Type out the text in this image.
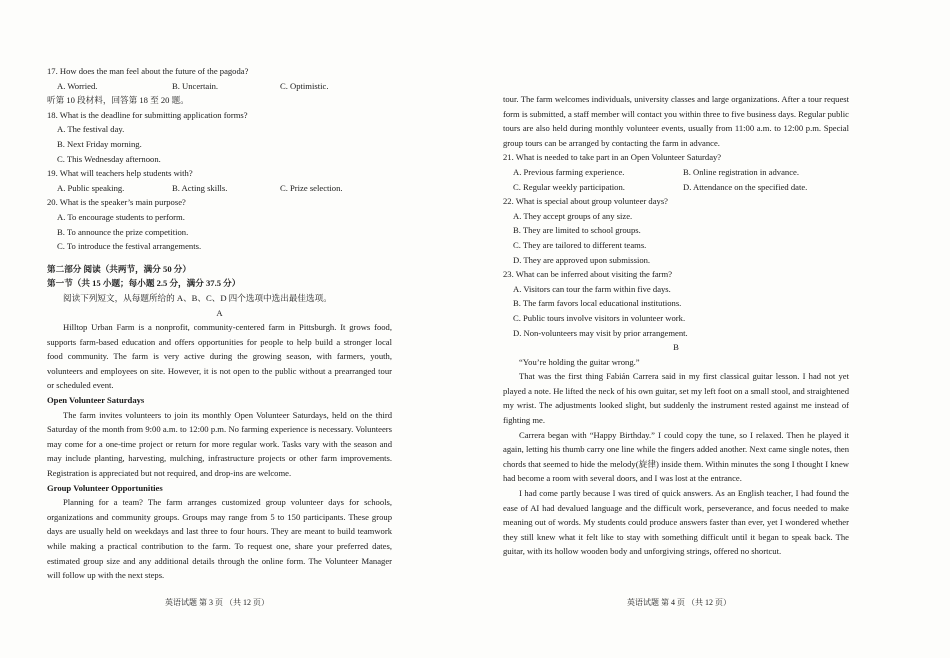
17. How does the man feel about the future of the pagoda?

A. Worried.	B. Uncertain.	C. Optimistic.
听第 10 段材料，回答第 18 至 20 题。

18. What is the deadline for submitting application forms?

A. The festival day.
B. Next Friday morning.
C. This Wednesday afternoon.

19. What will teachers help students with?

A. Public speaking.	B. Acting skills.	C. Prize selection.

20. What is the speaker’s main purpose?

A. To encourage students to perform.
B. To announce the prize competition.
C. To introduce the festival arrangements.
第二部分 阅读（共两节，满分 50 分）
第一节（共 15 小题；每小题 2.5 分，满分 37.5 分）
阅读下列短文，从每题所给的 A、B、C、D 四个选项中选出最佳选项。
A

Hilltop Urban Farm is a nonprofit, community-centered farm in Pittsburgh. It grows food, supports farm-based education and offers opportunities for people to help build a stronger local food community. The farm is very active during the growing season, with farmers, youth, volunteers and employees on site. However, it is not open to the public without a prearranged tour or scheduled event.

Open Volunteer Saturdays

The farm invites volunteers to join its monthly Open Volunteer Saturdays, held on the third Saturday of the month from 9:00 a.m. to 12:00 p.m. No farming experience is necessary. Volunteers may come for a one-time project or return for more regular work. Tasks vary with the season and may include planting, harvesting, mulching, infrastructure projects or other farm improvements. Registration is appreciated but not required, and drop-ins are welcome.

Group Volunteer Opportunities

Planning for a team? The farm arranges customized group volunteer days for schools, organizations and community groups. Groups may range from 5 to 150 participants. These group days are usually held on weekdays and last three to four hours. They are meant to build teamwork while making a practical contribution to the farm. To request one, share your preferred dates, estimated group size and any additional details through the online form. The Volunteer Manager will follow up with the next steps.

tour. The farm welcomes individuals, university classes and large organizations. After a tour request form is submitted, a staff member will contact you within three to five business days. Regular public tours are also held during monthly volunteer events, usually from 11:00 a.m. to 12:00 p.m. Special group tours can be arranged by contacting the farm in advance.

21. What is needed to take part in an Open Volunteer Saturday?

A. Previous farming experience.	B. Online registration in advance.
C. Regular weekly participation.	D. Attendance on the specified date.

22. What is special about group volunteer days?

A. They accept groups of any size.
B. They are limited to school groups.
C. They are tailored to different teams.
D. They are approved upon submission.

23. What can be inferred about visiting the farm?

A. Visitors can tour the farm within five days.
B. The farm favors local educational institutions.
C. Public tours involve visitors in volunteer work.
D. Non-volunteers may visit by prior arrangement.
B

“You’re holding the guitar wrong.”

That was the first thing Fabián Carrera said in my first classical guitar lesson. I had not yet played a note. He lifted the neck of his own guitar, set my left foot on a small stool, and straightened my wrist. The adjustments looked slight, but suddenly the instrument rested against me instead of fighting me.

Carrera began with “Happy Birthday.” I could copy the tune, so I relaxed. Then he played it again, letting his thumb carry one line while the fingers added another. Next came single notes, then chords that seemed to hide the melody(旋律) inside them. Within minutes the song I thought I knew had become a room with several doors, and I was lost at the entrance.

I had come partly because I was tired of quick answers. As an English teacher, I had found the ease of AI had devalued language and the difficult work, perseverance, and focus needed to make meaning out of words. My students could produce answers faster than ever, yet I wondered whether they still knew what it felt like to stay with something difficult until it began to speak back. The guitar, with its hollow wooden body and unforgiving strings, offered no shortcut.

英语试题 第 3 页 （共 12 页）	英语试题 第 4 页 （共 12 页）
